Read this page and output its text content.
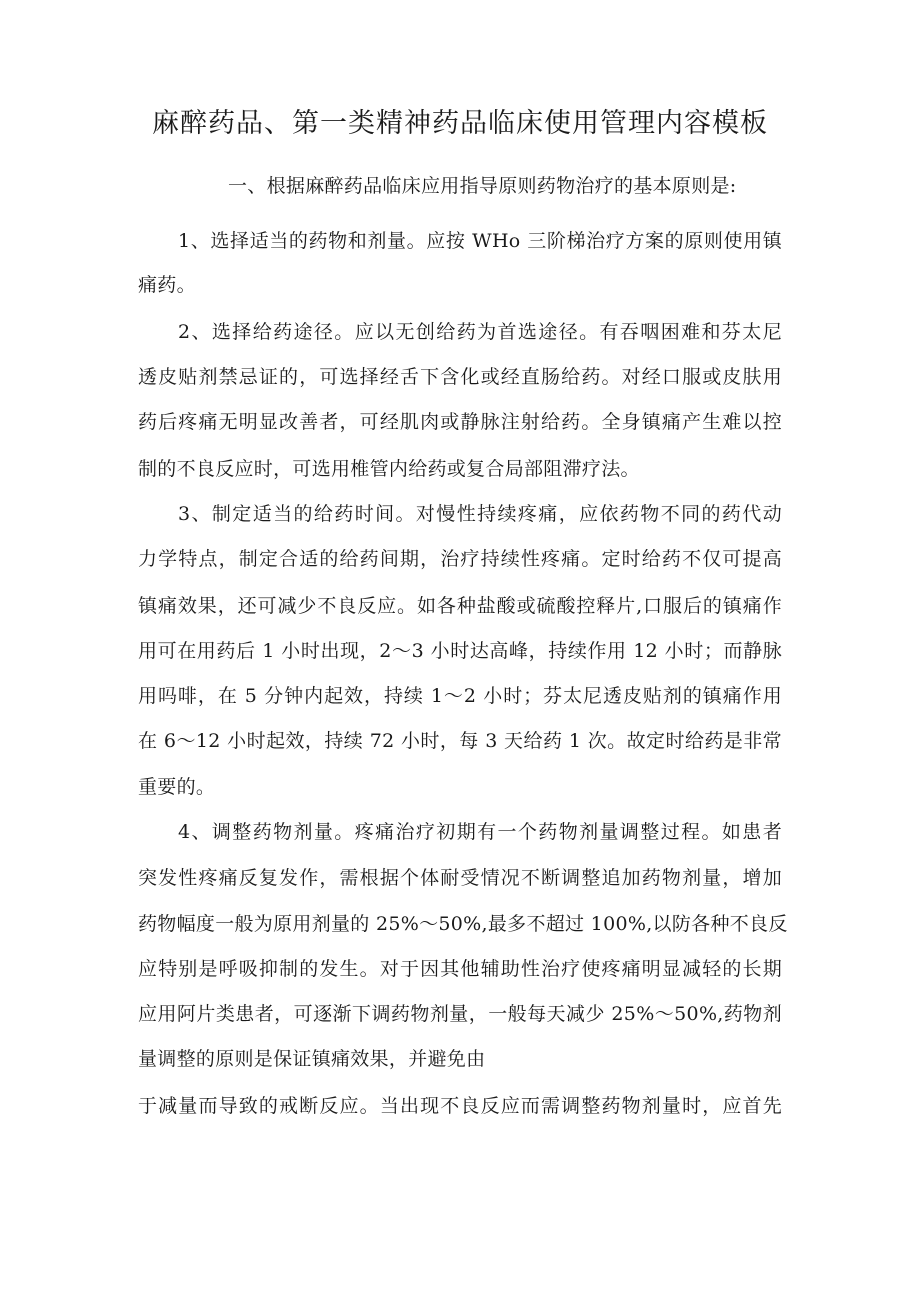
麻醉药品、第一类精神药品临床使用管理内容模板

一、根据麻醉药品临床应用指导原则药物治疗的基本原则是:

1、选择适当的药物和剂量。应按 WHo 三阶梯治疗方案的原则使用镇

痛药。

2、选择给药途径。应以无创给药为首选途径。有吞咽困难和芬太尼

透皮贴剂禁忌证的，可选择经舌下含化或经直肠给药。对经口服或皮肤用

药后疼痛无明显改善者，可经肌肉或静脉注射给药。全身镇痛产生难以控

制的不良反应时，可选用椎管内给药或复合局部阻滞疗法。

3、制定适当的给药时间。对慢性持续疼痛，应依药物不同的药代动

力学特点，制定合适的给药间期，治疗持续性疼痛。定时给药不仅可提高

镇痛效果，还可减少不良反应。如各种盐酸或硫酸控释片,口服后的镇痛作

用可在用药后 1 小时出现，2～3 小时达高峰，持续作用 12 小时；而静脉

用吗啡，在 5 分钟内起效，持续 1～2 小时；芬太尼透皮贴剂的镇痛作用

在 6～12 小时起效，持续 72 小时，每 3 天给药 1 次。故定时给药是非常

重要的。

4、调整药物剂量。疼痛治疗初期有一个药物剂量调整过程。如患者

突发性疼痛反复发作，需根据个体耐受情况不断调整追加药物剂量，增加

药物幅度一般为原用剂量的 25%～50%,最多不超过 100%,以防各种不良反

应特别是呼吸抑制的发生。对于因其他辅助性治疗使疼痛明显减轻的长期

应用阿片类患者，可逐渐下调药物剂量，一般每天减少 25%～50%,药物剂

量调整的原则是保证镇痛效果，并避免由

于减量而导致的戒断反应。当出现不良反应而需调整药物剂量时，应首先
